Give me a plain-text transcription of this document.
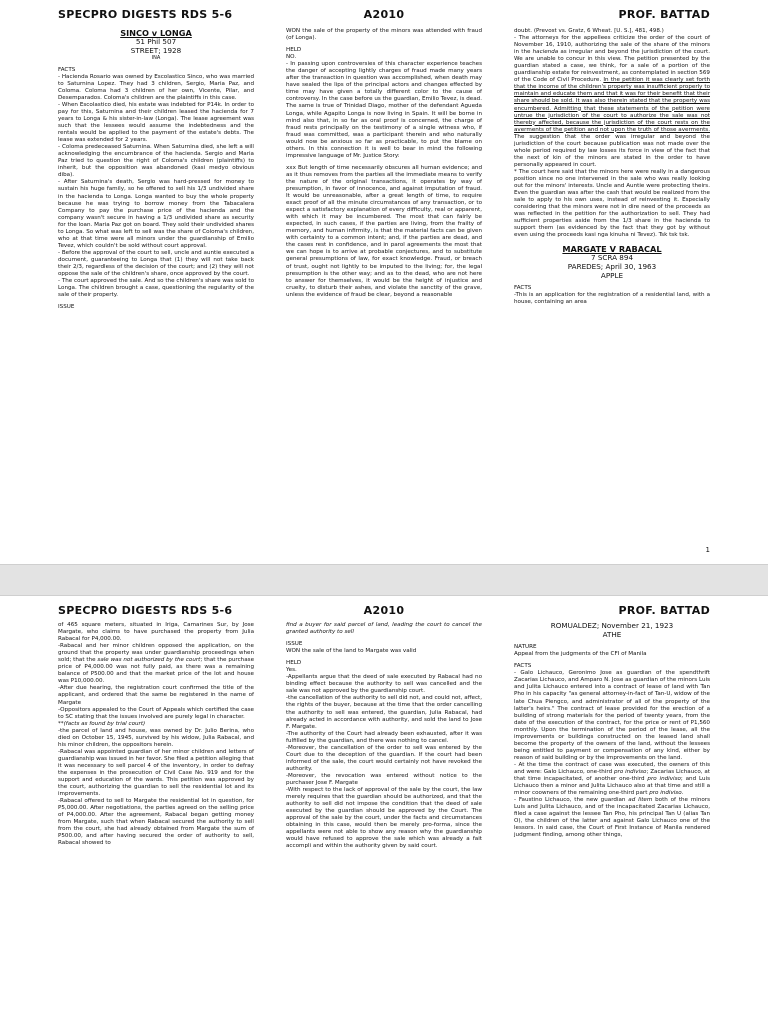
SPECPRO DIGESTS RDS 5-6	A2010	PROF. BATTAD

SINCO v LONGA

51 Phil 507

STREET; 1928

INA

FACTS

- Hacienda Rosario was owned by Escolastico Sinco, who was married to Saturnina Lopez. They had 3 children, Sergio, Maria Paz, and Coloma. Coloma had 3 children of her own, Vicente, Pilar, and Desemparados. Coloma's children are the plaintiffs in this case.

- When Escolastico died, his estate was indebted for P14k. In order to pay for this, Saturnina and their children leased the hacienda for 7 years to Longa & his sister-in-law (Longa). The lease agreement was such that the lessees would assume the indebtedness and the rentals would be applied to the payment of the estate's debts. The lease was extended for 2 years.

- Coloma predeceased Saturnina. When Saturnina died, she left a will acknowledging the encumbrance of the hacienda. Sergio and Maria Paz tried to question the right of Coloma's children (plaintiffs) to inherit, but the opposition was abandoned (kasi medyo obvious diba).

- After Saturnina's death, Sergio was hard-pressed for money to sustain his huge family, so he offered to sell his 1/3 undivided share in the hacienda to Longa. Longa wanted to buy the whole property because he was trying to borrow money from the Tabacalera Company to pay the purchase price of the hacienda and the company wasn't secure in having a 1/3 undivided share as security for the loan. Maria Paz got on board. They sold their undivided shares to Longa. So what was left to sell was the share of Coloma's children, who at that time were all minors under the guardianship of Emilio Tevez, which couldn't be sold without court approval.

- Before the approval of the court to sell, uncle and auntie executed a document, guaranteeing to Longa that (1) they will not take back their 2/3, regardless of the decision of the court; and (2) they will not oppose the sale of the children's share, once approved by the court.

- The court approved the sale. And so the children's share was sold to Longa. The children brought a case, questioning the regularity of the sale of their property.

ISSUE

WON the sale of the property of the minors was attended with fraud (of Longa).

HELD

NO.

- In passing upon controversies of this character experience teaches the danger of accepting lightly charges of fraud made many years after the transaction in question was accomplished, when death may have sealed the lips of the principal actors and changes effected by time may have given a totally different color to the cause of controversy. In the case before us the guardian, Emilio Tevez, is dead. The same is true of Trinidad Diago, mother of the defendant Agueda Longa, while Agapito Longa is now living in Spain. It will be borne in mind also that, in so far as oral proof is concerned, the charge of fraud rests principally on the testimony of a single witness who, if fraud was committed, was a participant therein and who naturally would now be anxious so far as practicable, to put the blame on others. In this connection it is well to bear in mind the following impressive language of Mr. Justice Story:

xxx But length of time necessarily obscures all human evidence; and as it thus removes from the parties all the immediate means to verify the nature of the original transactions, it operates by way of presumption, in favor of innocence, and against imputation of fraud. It would be unreasonable, after a great length of time, to require exact proof of all the minute circumstances of any transaction, or to expect a satisfactory explanation of every difficulty, real or apparent, with which it may be incumbered. The most that can fairly be expected, in such cases, if the parties are living, from the frailty of memory, and human infirmity, is that the material facts can be given with certainty to a common intent; and, if the parties are dead, and the cases rest in confidence, and in parol agreements the most that we can hope is to arrive at probable conjectures, and to substitute general presumptions of law, for exact knowledge. Fraud, or breach of trust, ought not lightly to be imputed to the living; for, the legal presumption is the other way; and as to the dead, who are not here to answer for themselves, it would be the height of injustice and cruelty, to disturb their ashes, and violate the sanctity of the grave, unless the evidence of fraud be clear, beyond a reasonable

doubt. (Prevost vs. Gratz, 6 Wheat. [U. S.], 481, 498.)

- The attorneys for the appellees criticize the order of the court of November 16, 1910, authorizing the sale of the share of the minors in the hacienda as irregular and beyond the jurisdiction of the court. We are unable to concur in this view. The petition presented by the guardian stated a case, we think, for a sale of a portion of the guardianship estate for reinvestment, as contemplated in section 569 of the Code of Civil Procedure. In the petition it was clearly set forth that the income of the children's property was insufficient properly to maintain and educate them and that it was for their benefit that their share should be sold. It was also therein stated that the property was encumbered. Admitting that these statements of the petition were untrue the jurisdiction of the court to authorize the sale was not thereby affected, because the jurisdiction of the court rests on the averments of the petition and not upon the truth of those averments. The suggestion that the order was irregular and beyond the jurisdiction of the court because publication was not made over the whole period required by law losses its force in view of the fact that the next of kin of the minors are stated in the order to have personally appeared in court.

* The court here said that the minors here were really in a dangerous position since no one intervened in the sale who was really looking out for the minors' interests. Uncle and Auntie were protecting theirs. Even the guardian was after the cash that would be realized from the sale to apply to his own uses, instead of reinvesting it. Especially considering that the minors were not in dire need of the proceeds as was reflected in the petition for the authorization to sell. They had sufficient properties aside from the 1/3 share in the hacienda to support them (as evidenced by the fact that they got by without even using the proceeds kasi nga kinuha ni Tevez). Tsk tsk tsk.

MARGATE V RABACAL

7 SCRA 894

PAREDES; April 30, 1963

APPLE

FACTS

-This is an application for the registration of a residential land, with a house, containing an area

1
SPECPRO DIGESTS RDS 5-6	A2010	PROF. BATTAD

of 465 square meters, situated in Iriga, Camarines Sur, by Jose Margate, who claims to have purchased the property from Julia Rabacal for P4,000.00.

-Rabacal and her minor children opposed the application, on the ground that the property was under guardianship proceedings when sold; that the sale was not authorized by the court; that the purchase price of P4,000.00 was not fully paid, as there was a remaining balance of P500.00 and that the market price of the lot and house was P10,000.00.

-After due hearing, the registration court confirmed the title of the applicant, and ordered that the same be registered in the name of Margate

-Oppositors appealed to the Court of Appeals which certified the case to SC stating that the issues involved are purely legal in character.

**(facts as found by trial court)

-the parcel of land and house, was owned by Dr. Julio Berina, who died on October 15, 1945, survived by his widow, Julia Rabacal, and his minor children, the oppositors herein.

-Rabacal was appointed guardian of her minor children and letters of guardianship was issued in her favor. She filed a petition alleging that it was necessary to sell parcel 4 of the inventory, in order to defray the expenses in the prosecution of Civil Case No. 919 and for the support and education of the wards. This petition was approved by the court, authorizing the guardian to sell the residential lot and its improvements.

-Rabacal offered to sell to Margate the residential lot in question, for P5,000.00. After negotiations, the parties agreed on the selling price of P4,000.00. After the agreement, Rabacal began getting money from Margate, such that when Rabacal secured the authority to sell from the court, she had already obtained from Margate the sum of P500.00, and after having secured the order of authority to sell, Rabacal showed to

find a buyer for said parcel of land, leading the court to cancel the granted authority to sell

ISSUE

WON the sale of the land to Margate was valid

HELD

Yes.

-Appellants argue that the deed of sale executed by Rabacal had no binding effect because the authority to sell was cancelled and the sale was not approved by the guardianship court.

-the cancellation of the authority to sell did not, and could not, affect, the rights of the buyer, because at the time that the order cancelling the authority to sell was entered, the guardian, Julia Rabacal, had already acted in accordance with authority, and sold the land to Jose F. Margate.

-The authority of the Court had already been exhausted, after it was fulfilled by the guardian, and there was nothing to cancel.

-Moreover, the cancellation of the order to sell was entered by the Court due to the deception of the guardian. If the court had been informed of the sale, the court would certainly not have revoked the authority.

-Moreover, the revocation was entered without notice to the purchaser Jose F. Margate

-With respect to the lack of approval of the sale by the court, the law merely requires that the guardian should be authorized, and that the authority to sell did not impose the condition that the deed of sale executed by the guardian should be approved by the Court. The approval of the sale by the court, under the facts and circumstances obtaining in this case, would then be merely pro-forma, since the appellants were not able to show any reason why the guardianship would have refused to approve the sale which was already a fait accompli and within the authority given by said court.

ROMUALDEZ; November 21, 1923

ATHE

NATURE

Appeal from the judgments of the CFI of Manila

FACTS

- Galo Lichauco, Geronimo Jose as guardian of the spendthrift Zacarias Lichauco, and Amparo N. Jose as guardian of the minors Luis and Julita Lichauco entered into a contract of lease of land with Tan Pho in his capacity "as general attorney-in-fact of Tan-U, widow of the late Chua Piengco, and administrator of all of the property of the latter's heirs." The contract of lease provided for the erection of a building of strong materials for the period of twenty years, from the date of the execution of the contract, for the price or rent of P1,560 monthly. Upon the termination of the period of the lease, all the improvements or buildings constructed on the leased land shall become the property of the owners of the land, without the lessees being entitled to payment or compensation of any kind, either by reason of said building or by the improvements on the land.

- At the time the contract of case was executed, the owners of this and were: Galo Lichauco, one-third pro indiviso; Zacarias Lichauco, at that time incapacitated, of another one-third pro indiviso; and Luis Lichauco then a minor and Julita Lichauco also at that time and still a minor coowners of the remaining one-third part pro indiviso.

- Faustino Lichauco, the new guardian ad litem both of the minors Luis and Julita Lichauco, and of the incapacitated Zacarias Lichauco, filed a case against the lessee Tan Pho, his principal Tan U (alias Tan O), the children of the latter and against Galo Lichauco one of the lessors. In said case, the Court of First Instance of Manila rendered judgment finding, among other things,
